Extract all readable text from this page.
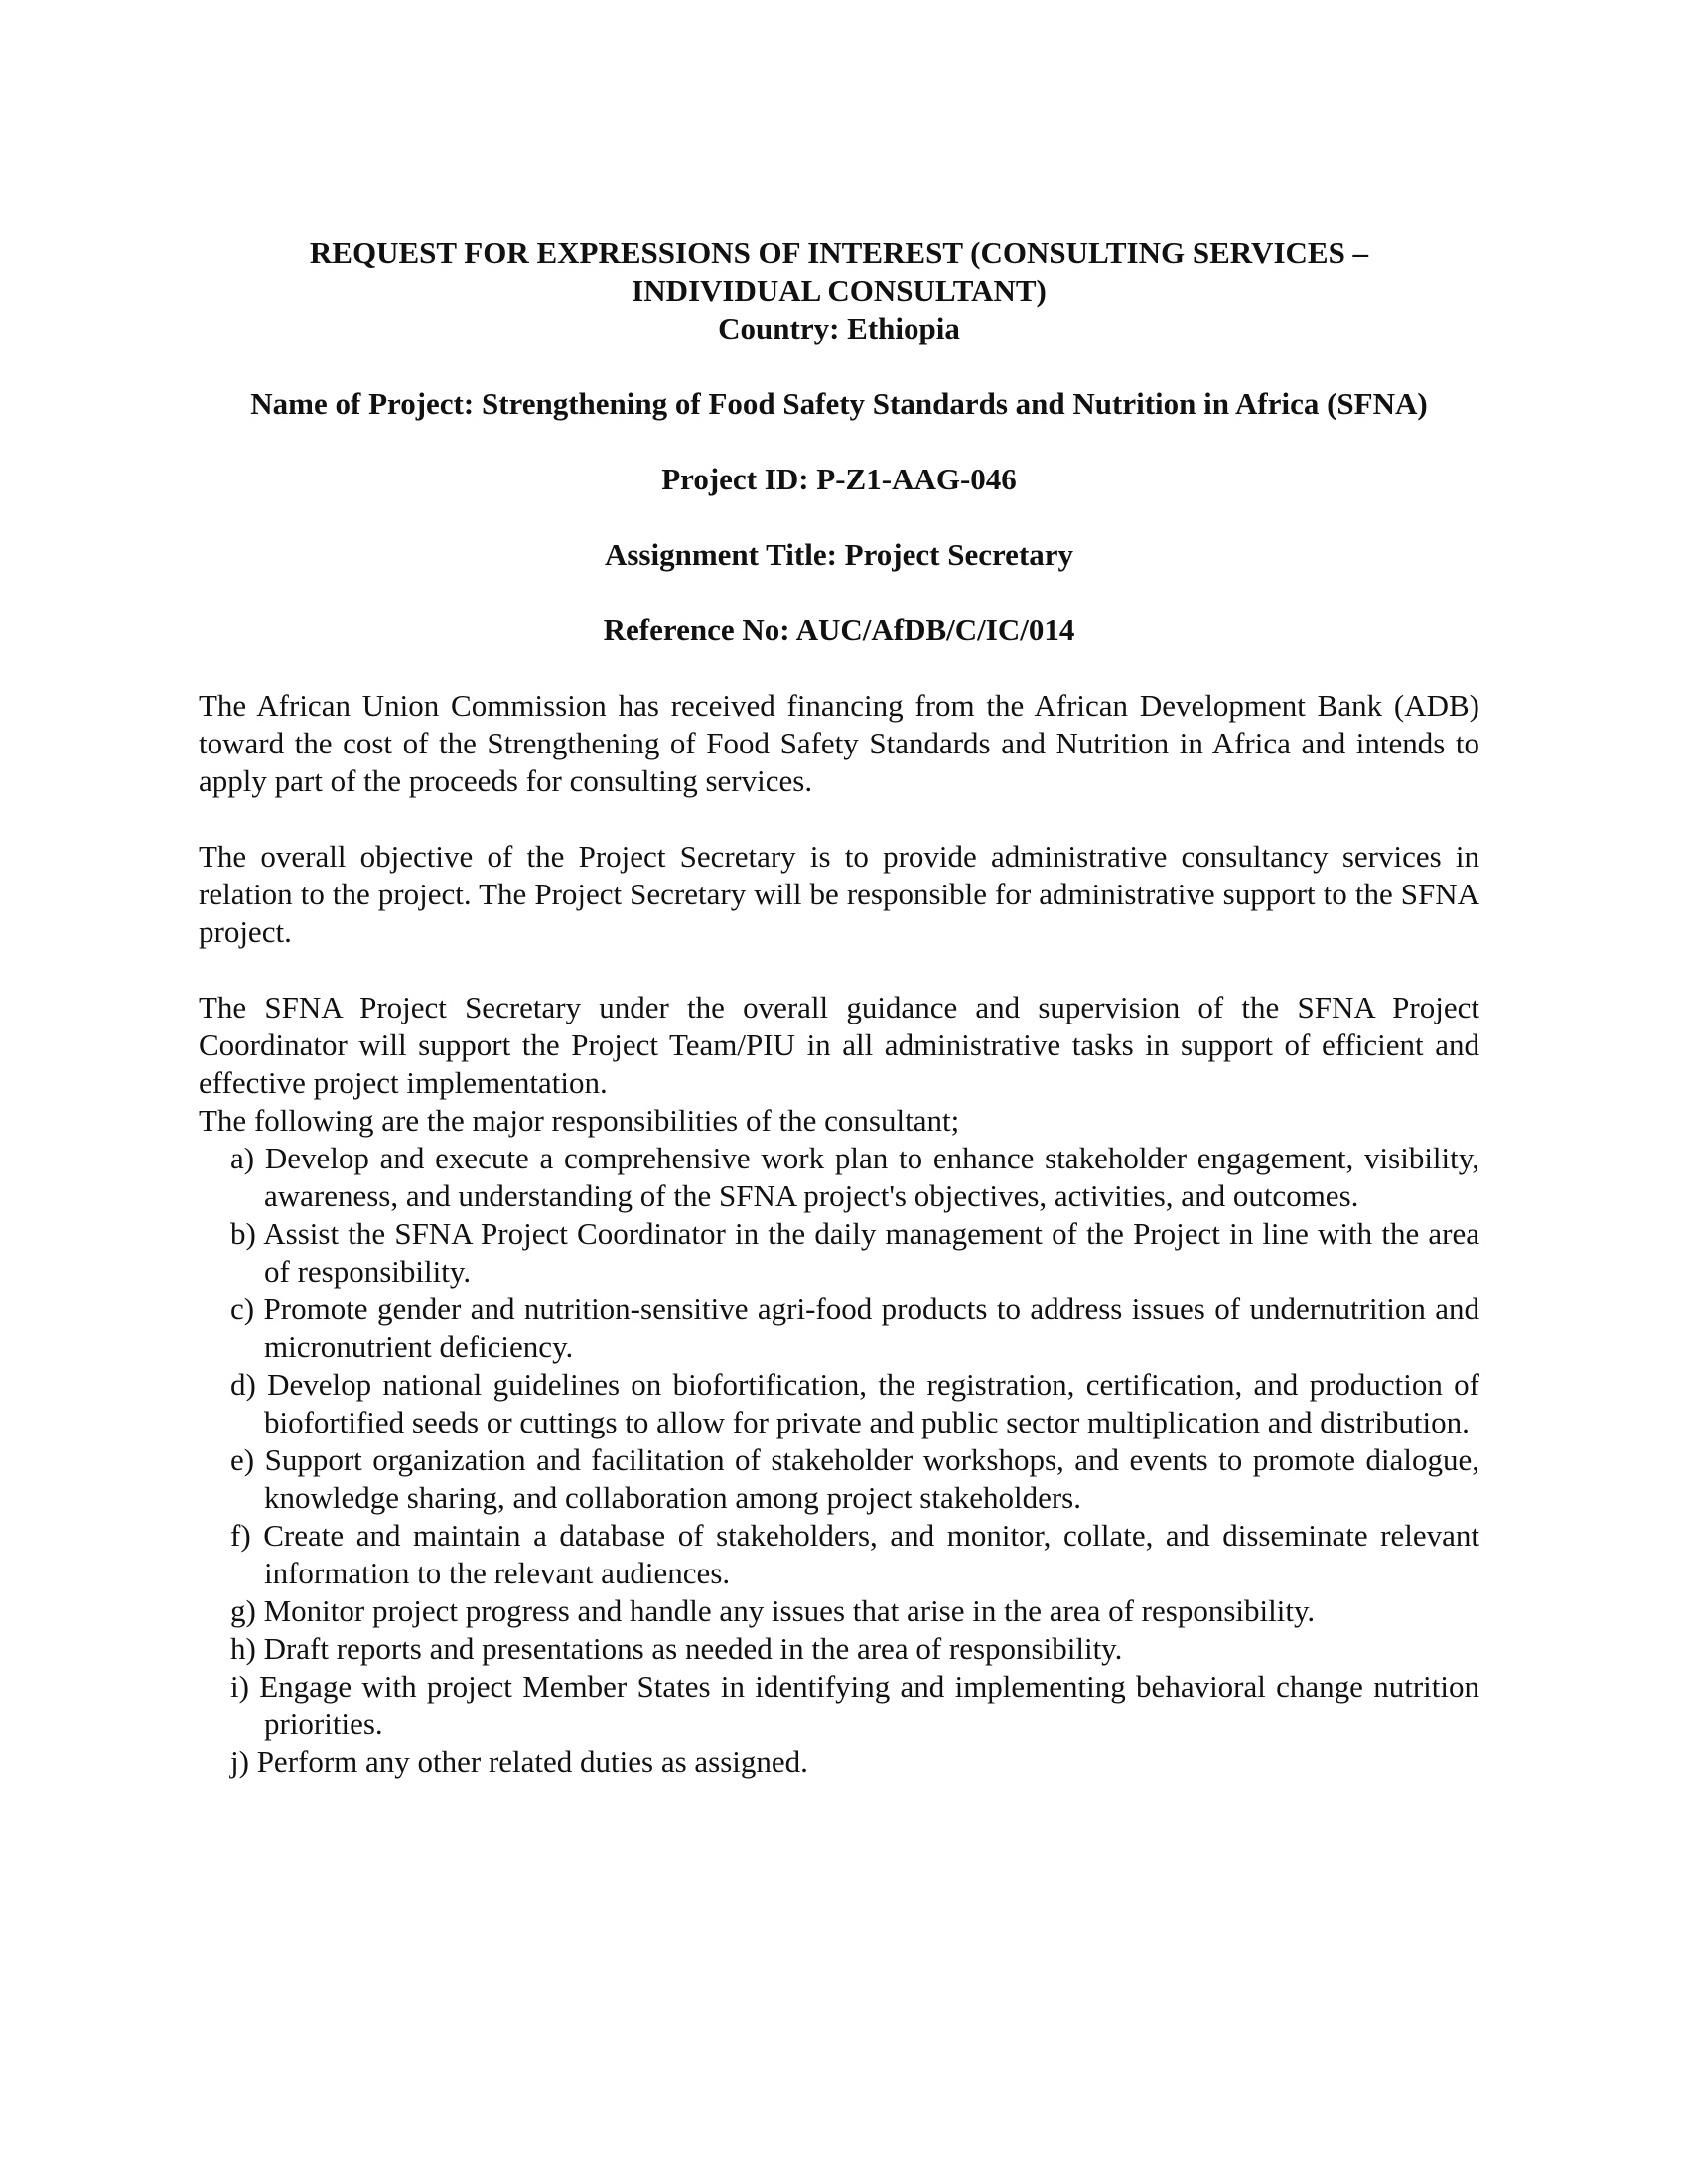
REQUEST FOR EXPRESSIONS OF INTEREST (CONSULTING SERVICES –
INDIVIDUAL CONSULTANT)
Country: Ethiopia
Name of Project: Strengthening of Food Safety Standards and Nutrition in Africa (SFNA)
Project ID: P-Z1-AAG-046
Assignment Title: Project Secretary
Reference No: AUC/AfDB/C/IC/014

The African Union Commission has received financing from the African Development Bank (ADB) toward the cost of the Strengthening of Food Safety Standards and Nutrition in Africa and intends to apply part of the proceeds for consulting services.

The overall objective of the Project Secretary is to provide administrative consultancy services in relation to the project. The Project Secretary will be responsible for administrative support to the SFNA project.

The SFNA Project Secretary under the overall guidance and supervision of the SFNA Project Coordinator will support the Project Team/PIU in all administrative tasks in support of efficient and effective project implementation.

The following are the major responsibilities of the consultant;

a) Develop and execute a comprehensive work plan to enhance stakeholder engagement, visibility, awareness, and understanding of the SFNA project's objectives, activities, and outcomes.
b) Assist the SFNA Project Coordinator in the daily management of the Project in line with the area of responsibility.
c) Promote gender and nutrition-sensitive agri-food products to address issues of undernutrition and micronutrient deficiency.
d) Develop national guidelines on biofortification, the registration, certification, and production of biofortified seeds or cuttings to allow for private and public sector multiplication and distribution.
e) Support organization and facilitation of stakeholder workshops, and events to promote dialogue, knowledge sharing, and collaboration among project stakeholders.
f) Create and maintain a database of stakeholders, and monitor, collate, and disseminate relevant information to the relevant audiences.
g) Monitor project progress and handle any issues that arise in the area of responsibility.
h) Draft reports and presentations as needed in the area of responsibility.
i) Engage with project Member States in identifying and implementing behavioral change nutrition priorities.
j) Perform any other related duties as assigned.
